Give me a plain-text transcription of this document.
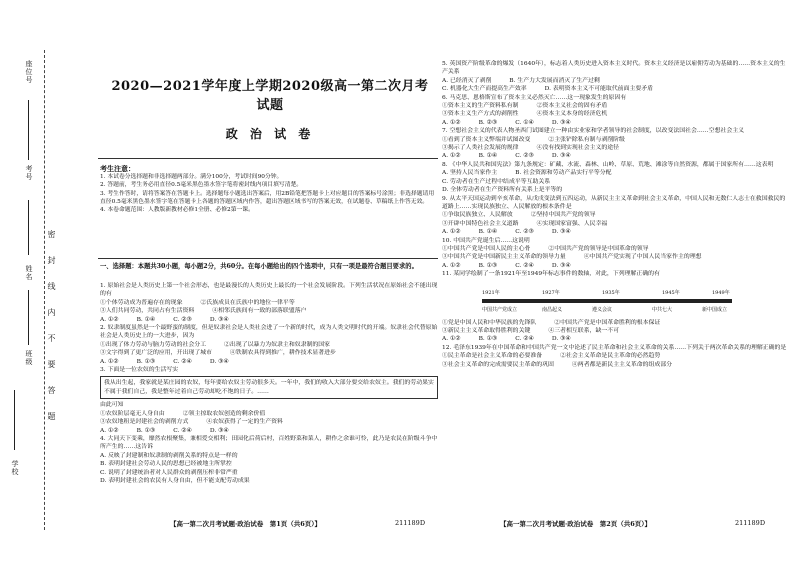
学校
班级
姓名
考号
座位号
密封线内不要答题
2020—2021学年度上学期2020级高一第二次月考试题
政 治 试 卷

考生注意：

1. 本试卷分选择题和非选择题两部分。满分100分，考试时间90分钟。

2. 答题前，考生务必用直径0.5毫米黑色墨水签字笔将密封线内项目填写清楚。

3. 考生作答时，请将答案答在答题卡上。选择题每小题选出答案后，用2B铅笔把答题卡上对应题目的答案标号涂黑；非选择题请用直径0.5毫米黑色墨水签字笔在答题卡上各题的答题区域内作答，超出答题区域书写的答案无效，在试题卷、草稿纸上作答无效。

4. 本卷命题范围：人教版新教材必修1全册、必修2第一课。

一、选择题：本题共30小题，每小题2分，共60分。在每小题给出的四个选项中，只有一项是最符合题目要求的。

1. 原始社会是人类历史上第一个社会形态，也是最漫长的人类历史上最长的一个社会发展阶段。下列生活状况在原始社会不能出现的有

①个体劳动成为普遍存在的现象	②氏族成员在氏族中的地位一律平等

③人们共同劳动，共同占有生活资料	④相邻氏族间有一致的部落联盟落户

A. ①②	B. ①④	C. ②③	D. ③④

2. 奴隶制度虽然是一个最野蛮的制度，但是奴隶社会是人类社会进了一个新的时代，成为人类文明时代的开端。奴隶社会代替原始社会是人类历史上的一大进步，因为

①出现了体力劳动与脑力劳动的社会分工	②出现了以暴力为奴隶主和奴隶制的国家

③文字得到了更广泛的应用，开出现了城市	④铁制农具得到推广，耕作技术显著进步

A. ①②	B. ①③	C. ②④	D. ③④

3. 下面是一位农奴的生活写实

我从出生起，我家就是某庄园的农奴，每年要给农奴主劳动很多天。一年中，我们的收入大部分要交给农奴主。我们的劳动果实不属于我们自己，我是整年过着自己劳动却吃不饱的日子。……

由此可知

①农奴阶层毫无人身自由	②领主掠取农奴创造的剩余价值

③农奴地租是封建社会的剥削方式	④农奴获得了一定的生产资料

A. ①②	B. ①③	C. ②④	D. ③④

4. 大同天下变乘，靡然农根聚集，兼相爱交相利；田园化后荷后村，百姓野菜和菜人，耕作之余谁可怜，此乃是农民在阶级斗争中所产生的……这告诉

A. 反映了封建制和奴隶制的剥削关系的特点是一样的

B. 表明封建社会劳动人民的思想已经被地主所掌控

C. 说明了封建统治者对人民群众的剥削压榨非常严重

D. 表明封建社会的农民有人身自由，但不能支配劳动成果

5. 英国资产阶级革命的爆发（1640年），标志着人类历史进入资本主义时代。资本主义经济是以雇佣劳动为基础的……资本主义的生产关系

A. 已经消灭了剥削	B. 生产力大发展而消灭了生产过剩

C. 机器化大生产而提高生产效率	D. 表明资本主义不可能取代前面主要矛盾

6. 马克思、恩格斯宣布了资本主义必然灭亡……这一现象发生的原因有

①资本主义的生产资料私有制	②资本主义社会的固有矛盾

③资本主义生产方式的剥削性	④资本主义本身的经济危机

A. ①②	B. ②③	C. ①④	D. ③④

7. 空想社会主义的代表人物圣西门试图建立一种由实业家和学者领导的社会制度，以改变法国社会……空想社会主义

①看到了资本主义弊端并试图改变	②主张铲除私有制与剥削阶级

③揭示了人类社会发展的规律	④没有找到实现社会主义的途径

A. ①②	B. ①④	C. ②③	D. ③④

8. 《中华人民共和国宪法》第九条规定：矿藏、水流、森林、山岭、草原、荒地、滩涂等自然资源，都属于国家所有……这表明

A. 坚持人民当家作主	B. 社会资源和劳动产品实行平等分配

C. 劳动者在生产过程中结成平等互助关系

D. 全体劳动者在生产资料所有关系上是平等的

9. 从太平天国运动到辛亥革命，从戊戌变法到五四运动，从新民主主义革命到社会主义革命，中国人民和无数仁人志士在救国救民的道路上……实现民族独立、人民解放的根本条件是

①争取民族独立、人民解放	②坚持中国共产党的领导

③开辟中国特色社会主义道路	④实现国家富强、人民幸福

A. ①②	B. ①④	C. ②③	D. ③④

10. 中国共产党诞生后……这说明

①中国共产党是中国人民的主心骨	②中国共产党的领导是中国革命的领导

③中国共产党是中国新民主主义革命的领导力量	④中国共产党实现了中国人民当家作主的理想

A. ①②	B. ①③	C. ②④	D. ③④

11. 某同学绘制了一条1921年至1949年标志事件的数轴，对此，下列理解正确的有

1921年	1927年	1935年	1945年	1949年
中国共产党成立	南昌起义	遵义会议	中共七大	新中国成立

①党是中国人民和中华民族的先锋队	②中国共产党是中国革命胜利的根本保证

③新民主主义革命取得胜利的关键	④三者相互联系，缺一不可

A. ①②	B. ①③	C. ②④	D. ③④

12. 毛泽东1939年在中国革命和中国共产党一文中论述了民主革命和社会主义革命的关系……下列关于两次革命关系的理解正确的是

①民主革命是社会主义革命的必要准备	②社会主义革命是民主革命的必然趋势

③社会主义革命的完成需要民主革命的巩固	④两者都是新民主主义革命的组成部分

【高一第二次月考试题·政治试卷　第1页（共6页）】	211189D	【高一第二次月考试题·政治试卷　第2页（共6页）】	211189D
